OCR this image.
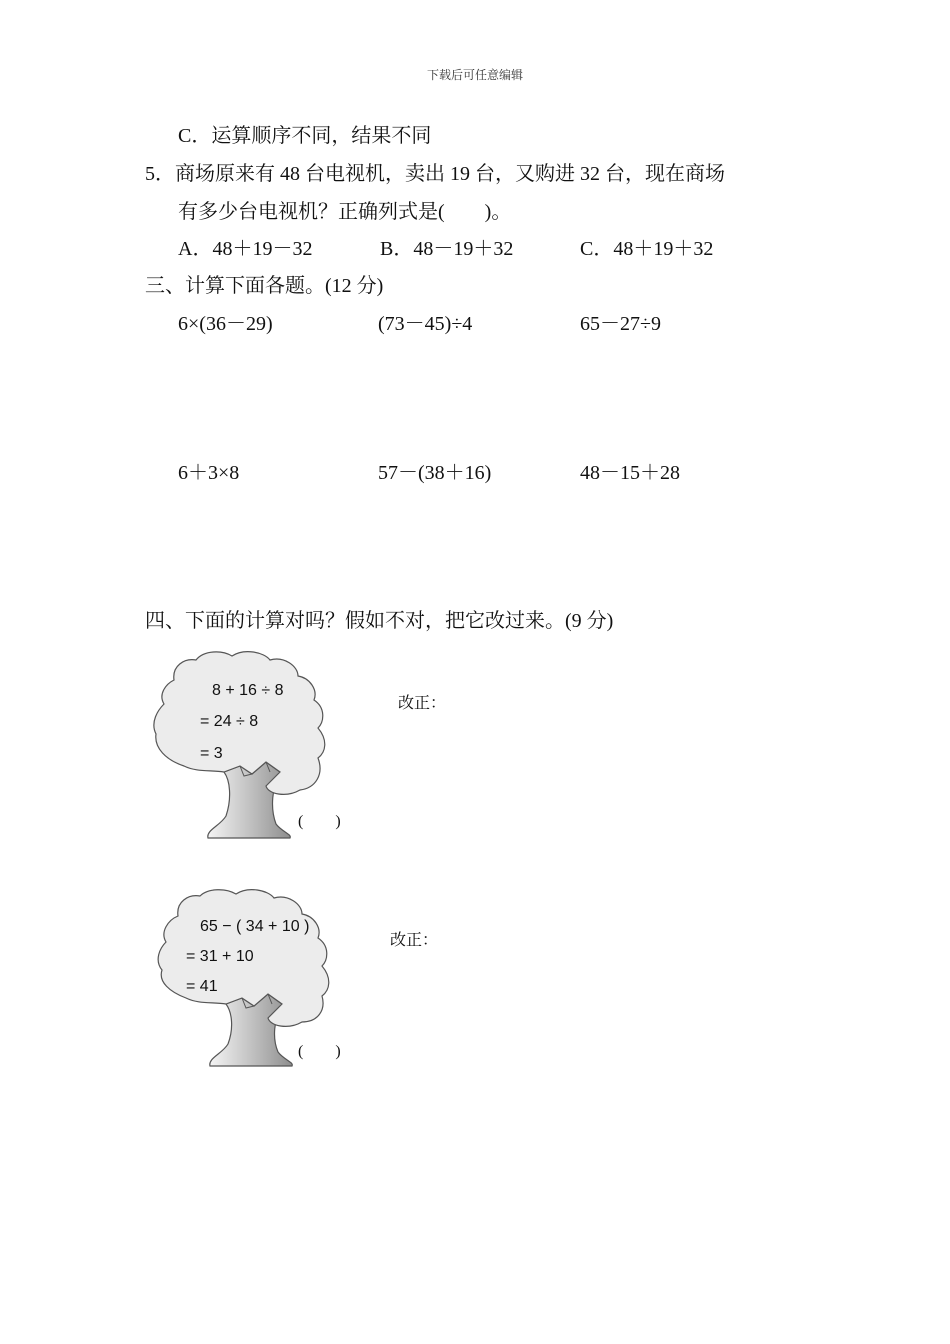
下载后可任意编辑
C．运算顺序不同，结果不同
5．商场原来有 48 台电视机，卖出 19 台，又购进 32 台，现在商场
有多少台电视机？正确列式是(　　)。
A．48＋19－32	B．48－19＋32	C．48＋19＋32
三、计算下面各题。(12 分)
6×(36－29)	(73－45)÷4	65－27÷9
6＋3×8	57－(38＋16)	48－15＋28
四、下面的计算对吗？假如不对，把它改过来。(9 分)
8 + 16 ÷ 8
= 24 ÷ 8
= 3
(　　)
改正：
65 − ( 34 + 10 )
= 31 + 10
= 41
(　　)
改正：
